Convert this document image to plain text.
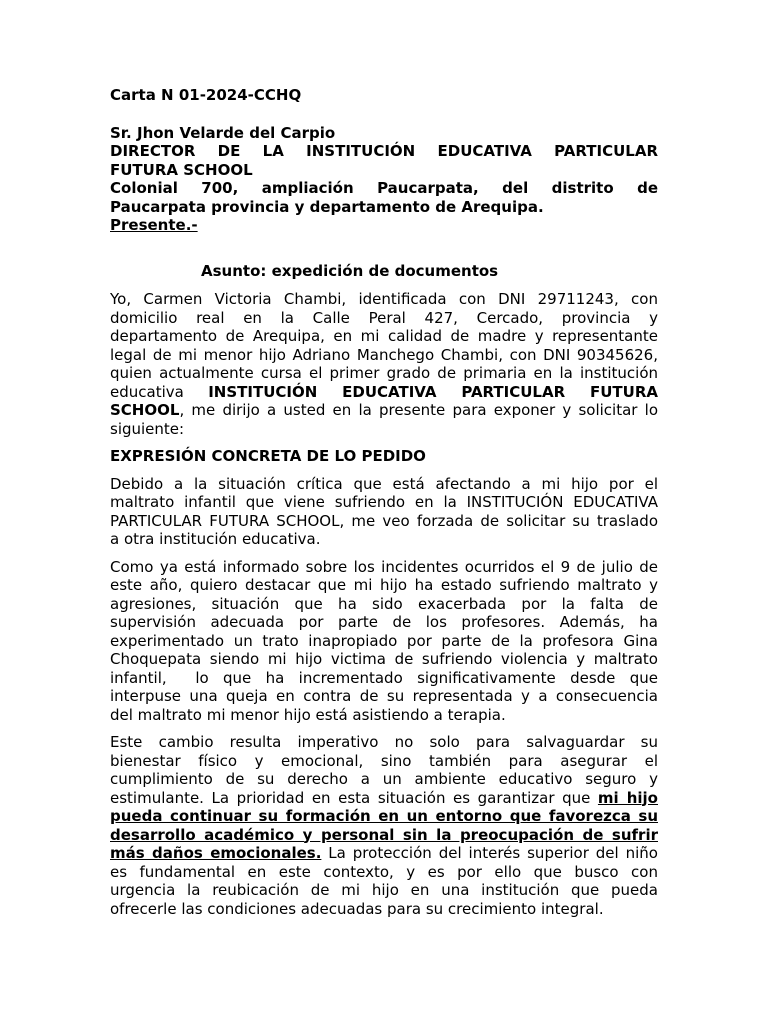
Carta N 01-2024-CCHQ
Sr. Jhon Velarde del Carpio
DIRECTOR DE LA INSTITUCIÓN EDUCATIVA PARTICULAR
FUTURA SCHOOL
Colonial 700, ampliación Paucarpata, del distrito de
Paucarpata provincia y departamento de Arequipa.
Presente.-
Asunto: expedición de documentos
Yo, Carmen Victoria Chambi, identificada con DNI 29711243, con
domicilio real en la Calle Peral 427, Cercado, provincia y
departamento de Arequipa, en mi calidad de madre y representante
legal de mi menor hijo Adriano Manchego Chambi, con DNI 90345626,
quien actualmente cursa el primer grado de primaria en la institución
educativa INSTITUCIÓN EDUCATIVA PARTICULAR FUTURA
SCHOOL, me dirijo a usted en la presente para exponer y solicitar lo
siguiente:
EXPRESIÓN CONCRETA DE LO PEDIDO
Debido a la situación crítica que está afectando a mi hijo por el
maltrato infantil que viene sufriendo en la INSTITUCIÓN EDUCATIVA
PARTICULAR FUTURA SCHOOL, me veo forzada de solicitar su traslado
a otra institución educativa.
Como ya está informado sobre los incidentes ocurridos el 9 de julio de
este año, quiero destacar que mi hijo ha estado sufriendo maltrato y
agresiones, situación que ha sido exacerbada por la falta de
supervisión adecuada por parte de los profesores. Además, ha
experimentado un trato inapropiado por parte de la profesora Gina
Choquepata siendo mi hijo victima de sufriendo violencia y maltrato
infantil,  lo que ha incrementado significativamente desde que
interpuse una queja en contra de su representada y a consecuencia
del maltrato mi menor hijo está asistiendo a terapia.
Este cambio resulta imperativo no solo para salvaguardar su
bienestar físico y emocional, sino también para asegurar el
cumplimiento de su derecho a un ambiente educativo seguro y
estimulante. La prioridad en esta situación es garantizar que mi hijo
pueda continuar su formación en un entorno que favorezca su
desarrollo académico y personal sin la preocupación de sufrir
más daños emocionales. La protección del interés superior del niño
es fundamental en este contexto, y es por ello que busco con
urgencia la reubicación de mi hijo en una institución que pueda
ofrecerle las condiciones adecuadas para su crecimiento integral.
